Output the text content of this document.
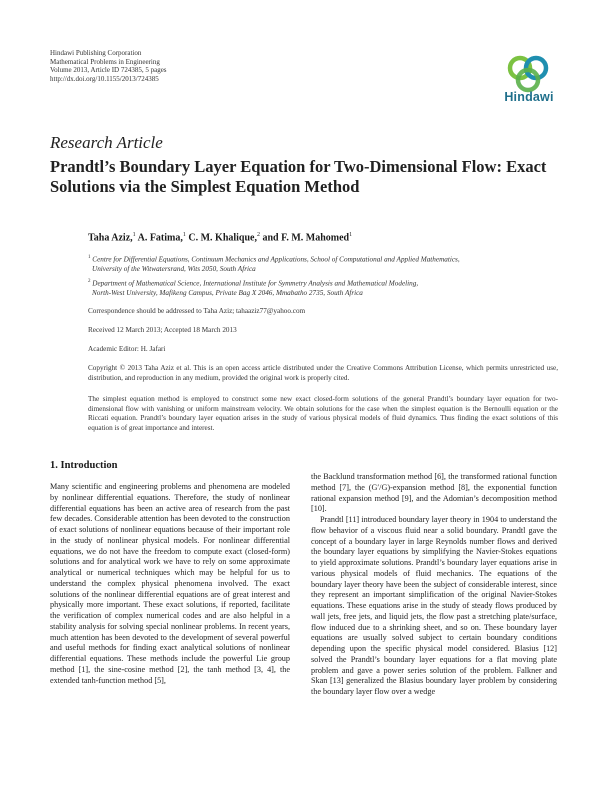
Hindawi Publishing Corporation
Mathematical Problems in Engineering
Volume 2013, Article ID 724385, 5 pages
http://dx.doi.org/10.1155/2013/724385
Hindawi
Research Article
Prandtl’s Boundary Layer Equation for Two-Dimensional Flow: Exact Solutions via the Simplest Equation Method
Taha Aziz,$^1$ A. Fatima,$^1$ C. M. Khalique,$^2$ and F. M. Mahomed$^1$
$^1$ Centre for Differential Equations, Continuum Mechanics and Applications, School of Computational and Applied Mathematics,
University of the Witwatersrand, Wits 2050, South Africa
$^2$ Department of Mathematical Science, International Institute for Symmetry Analysis and Mathematical Modeling,
North-West University, Mafikeng Campus, Private Bag X 2046, Mmabatho 2735, South Africa
Correspondence should be addressed to Taha Aziz; tahaaziz77@yahoo.com
Received 12 March 2013; Accepted 18 March 2013
Academic Editor: H. Jafari
Copyright © 2013 Taha Aziz et al. This is an open access article distributed under the Creative Commons Attribution License, which permits unrestricted use, distribution, and reproduction in any medium, provided the original work is properly cited.
The simplest equation method is employed to construct some new exact closed-form solutions of the general Prandtl’s boundary layer equation for two-dimensional flow with vanishing or uniform mainstream velocity. We obtain solutions for the case when the simplest equation is the Bernoulli equation or the Riccati equation. Prandtl’s boundary layer equation arises in the study of various physical models of fluid dynamics. Thus finding the exact solutions of this equation is of great importance and interest.
1. Introduction

Many scientific and engineering problems and phenomena are modeled by nonlinear differential equations. Therefore, the study of nonlinear differential equations has been an active area of research from the past few decades. Considerable attention has been devoted to the construction of exact solutions of nonlinear equations because of their important role in the study of nonlinear physical models. For nonlinear differential equations, we do not have the freedom to compute exact (closed-form) solutions and for analytical work we have to rely on some approximate analytical or numerical techniques which may be helpful for us to understand the complex physical phenomena involved. The exact solutions of the nonlinear differential equations are of great interest and physically more important. These exact solutions, if reported, facilitate the verification of complex numerical codes and are also helpful in a stability analysis for solving special nonlinear problems. In recent years, much attention has been devoted to the development of several powerful and useful methods for finding exact analytical solutions of nonlinear differential equations. These methods include the powerful Lie group method [1], the sine-cosine method [2], the tanh method [3, 4], the extended tanh-function method [5],

the Backlund transformation method [6], the transformed rational function method [7], the (G′/G)-expansion method [8], the exponential function rational expansion method [9], and the Adomian’s decomposition method [10].

Prandtl [11] introduced boundary layer theory in 1904 to understand the flow behavior of a viscous fluid near a solid boundary. Prandtl gave the concept of a boundary layer in large Reynolds number flows and derived the boundary layer equations by simplifying the Navier-Stokes equations to yield approximate solutions. Prandtl’s boundary layer equations arise in various physical models of fluid mechanics. The equations of the boundary layer theory have been the subject of considerable interest, since they represent an important simplification of the original Navier-Stokes equations. These equations arise in the study of steady flows produced by wall jets, free jets, and liquid jets, the flow past a stretching plate/surface, flow induced due to a shrinking sheet, and so on. These boundary layer equations are usually solved subject to certain boundary conditions depending upon the specific physical model considered. Blasius [12] solved the Prandtl’s boundary layer equations for a flat moving plate problem and gave a power series solution of the problem. Falkner and Skan [13] generalized the Blasius boundary layer problem by considering the boundary layer flow over a wedge
